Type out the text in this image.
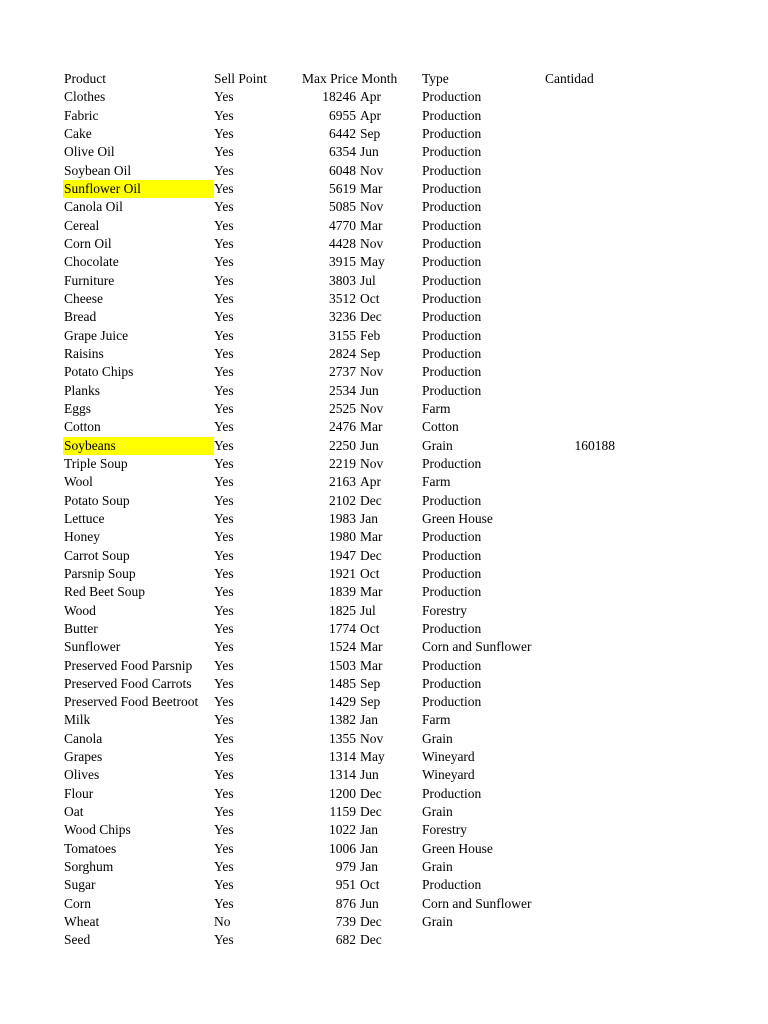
Product	Sell Point	Max Price Month	Type	Cantidad
Clothes	Yes	18246 Apr	Production
Fabric	Yes	6955 Apr	Production
Cake	Yes	6442 Sep	Production
Olive Oil	Yes	6354 Jun	Production
Soybean Oil	Yes	6048 Nov	Production
Sunflower Oil	Yes	5619 Mar	Production
Canola Oil	Yes	5085 Nov	Production
Cereal	Yes	4770 Mar	Production
Corn Oil	Yes	4428 Nov	Production
Chocolate	Yes	3915 May	Production
Furniture	Yes	3803 Jul	Production
Cheese	Yes	3512 Oct	Production
Bread	Yes	3236 Dec	Production
Grape Juice	Yes	3155 Feb	Production
Raisins	Yes	2824 Sep	Production
Potato Chips	Yes	2737 Nov	Production
Planks	Yes	2534 Jun	Production
Eggs	Yes	2525 Nov	Farm
Cotton	Yes	2476 Mar	Cotton
Soybeans	Yes	2250 Jun	Grain	160188
Triple Soup	Yes	2219 Nov	Production
Wool	Yes	2163 Apr	Farm
Potato Soup	Yes	2102 Dec	Production
Lettuce	Yes	1983 Jan	Green House
Honey	Yes	1980 Mar	Production
Carrot Soup	Yes	1947 Dec	Production
Parsnip Soup	Yes	1921 Oct	Production
Red Beet Soup	Yes	1839 Mar	Production
Wood	Yes	1825 Jul	Forestry
Butter	Yes	1774 Oct	Production
Sunflower	Yes	1524 Mar	Corn and Sunflower
Preserved Food Parsnip	Yes	1503 Mar	Production
Preserved Food Carrots	Yes	1485 Sep	Production
Preserved Food Beetroot	Yes	1429 Sep	Production
Milk	Yes	1382 Jan	Farm
Canola	Yes	1355 Nov	Grain
Grapes	Yes	1314 May	Wineyard
Olives	Yes	1314 Jun	Wineyard
Flour	Yes	1200 Dec	Production
Oat	Yes	1159 Dec	Grain
Wood Chips	Yes	1022 Jan	Forestry
Tomatoes	Yes	1006 Jan	Green House
Sorghum	Yes	979 Jan	Grain
Sugar	Yes	951 Oct	Production
Corn	Yes	876 Jun	Corn and Sunflower
Wheat	No	739 Dec	Grain
Seed	Yes	682 Dec
